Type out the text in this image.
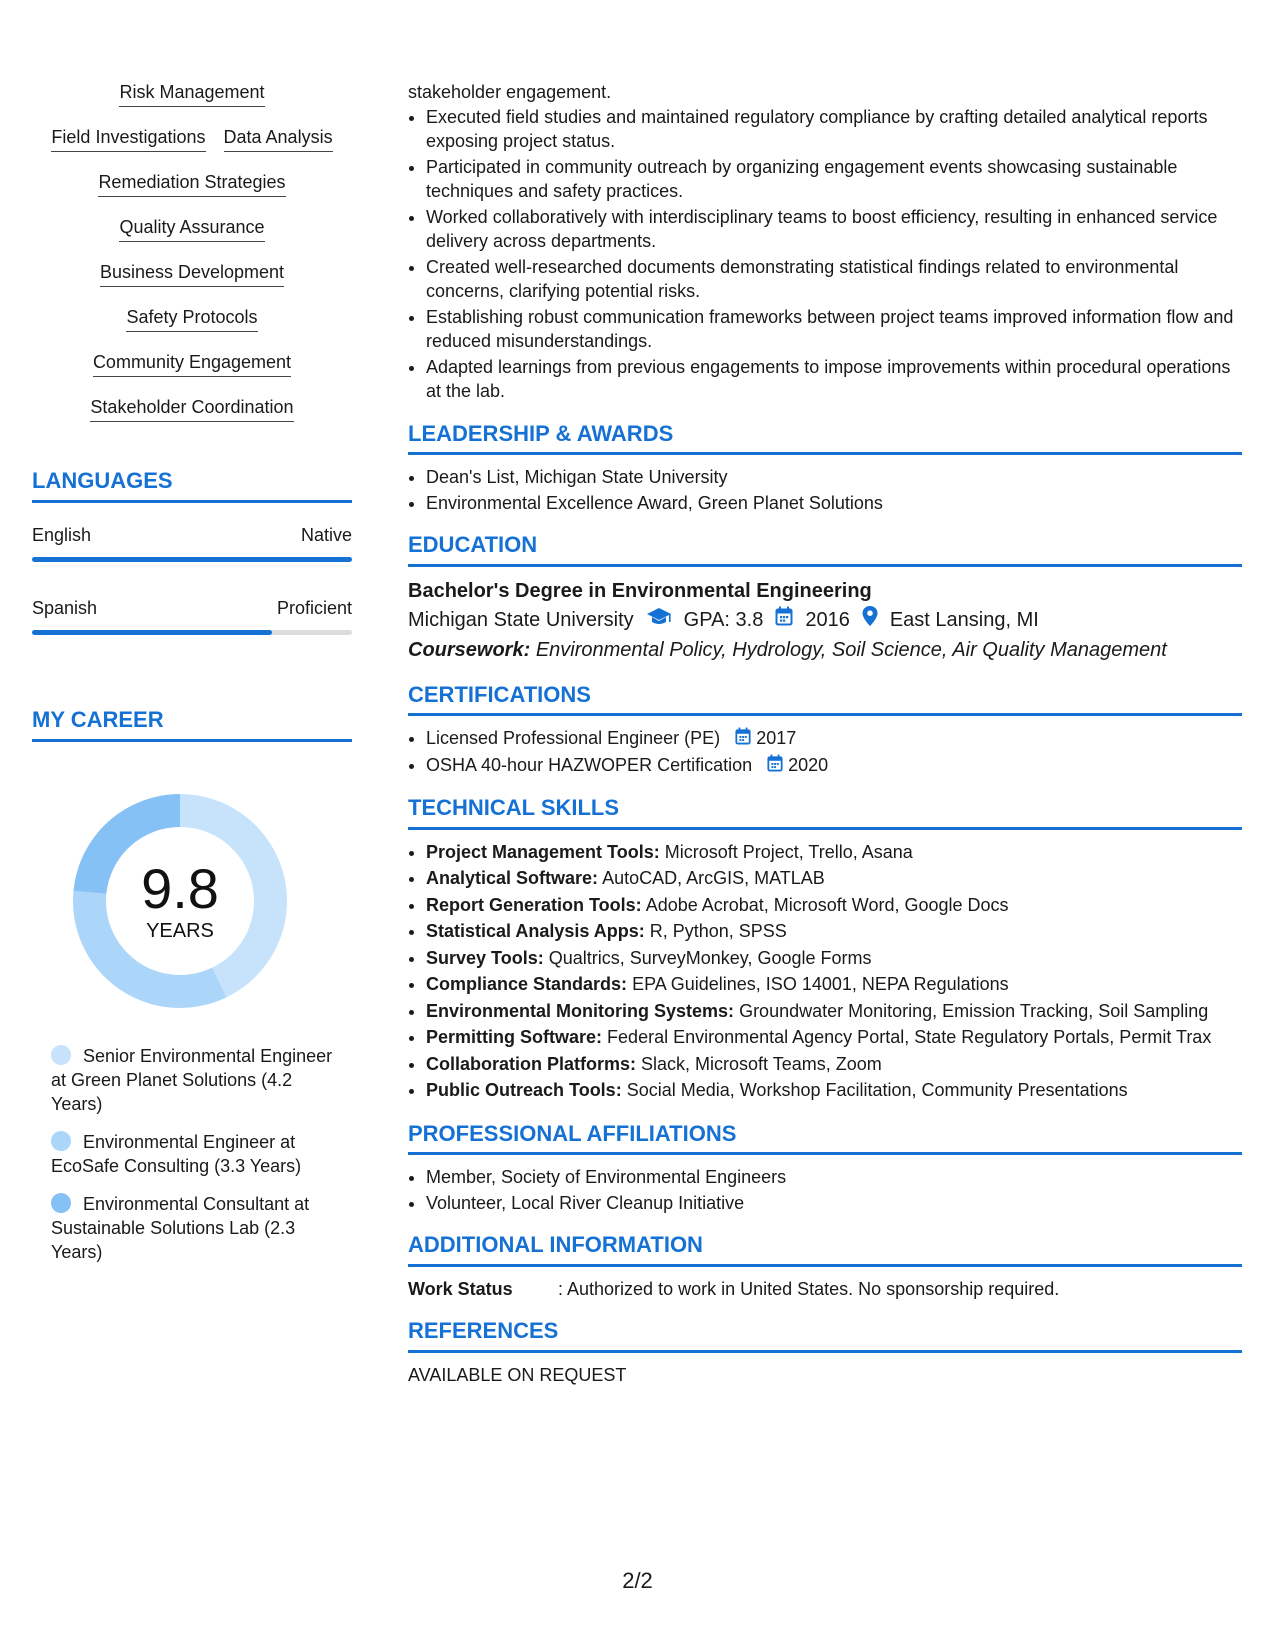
Risk Management
Field Investigations Data Analysis
Remediation Strategies
Quality Assurance
Business Development
Safety Protocols
Community Engagement
Stakeholder Coordination
LANGUAGES
English	Native
Spanish	Proficient
MY CAREER
9.8
YEARS
Senior Environmental Engineer at Green Planet Solutions (4.2 Years)
Environmental Engineer at EcoSafe Consulting (3.3 Years)
Environmental Consultant at Sustainable Solutions Lab (2.3 Years)
stakeholder engagement.
• Executed field studies and maintained regulatory compliance by crafting detailed analytical reports exposing project status.
• Participated in community outreach by organizing engagement events showcasing sustainable techniques and safety practices.
• Worked collaboratively with interdisciplinary teams to boost efficiency, resulting in enhanced service delivery across departments.
• Created well-researched documents demonstrating statistical findings related to environmental concerns, clarifying potential risks.
• Establishing robust communication frameworks between project teams improved information flow and reduced misunderstandings.
• Adapted learnings from previous engagements to impose improvements within procedural operations at the lab.
LEADERSHIP & AWARDS
• Dean's List, Michigan State University
• Environmental Excellence Award, Green Planet Solutions
EDUCATION
Bachelor's Degree in Environmental Engineering
Michigan State University	GPA: 3.8 2016 East Lansing, MI
Coursework: Environmental Policy, Hydrology, Soil Science, Air Quality Management
CERTIFICATIONS
• Licensed Professional Engineer (PE) 2017
• OSHA 40-hour HAZWOPER Certification 2020
TECHNICAL SKILLS
• Project Management Tools: Microsoft Project, Trello, Asana
• Analytical Software: AutoCAD, ArcGIS, MATLAB
• Report Generation Tools: Adobe Acrobat, Microsoft Word, Google Docs
• Statistical Analysis Apps: R, Python, SPSS
• Survey Tools: Qualtrics, SurveyMonkey, Google Forms
• Compliance Standards: EPA Guidelines, ISO 14001, NEPA Regulations
• Environmental Monitoring Systems: Groundwater Monitoring, Emission Tracking, Soil Sampling
• Permitting Software: Federal Environmental Agency Portal, State Regulatory Portals, Permit Trax
• Collaboration Platforms: Slack, Microsoft Teams, Zoom
• Public Outreach Tools: Social Media, Workshop Facilitation, Community Presentations
PROFESSIONAL AFFILIATIONS
• Member, Society of Environmental Engineers
• Volunteer, Local River Cleanup Initiative
ADDITIONAL INFORMATION
Work Status	: Authorized to work in United States. No sponsorship required.
REFERENCES
AVAILABLE ON REQUEST
2/2
